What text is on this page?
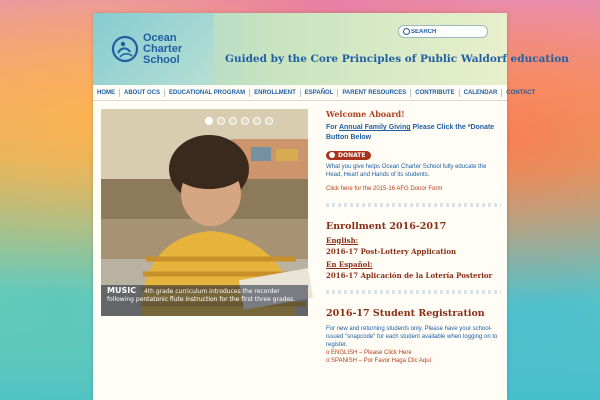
Ocean
Charter
School	Guided by the Core Principles of Public Waldorf education
SEARCH
HOME	ABOUT OCS	EDUCATIONAL PROGRAM	ENROLLMENT	ESPAÑOL	PARENT RESOURCES	CONTRIBUTE	CALENDAR	CONTACT
MUSIC 4th grade curriculum introduces the recorder following pentatonic flute instruction for the first three grades.

Welcome Aboard!

For Annual Family Giving Please Click the *Donate Button Below

DONATE

What you give helps Ocean Charter School fully educate the Head, Heart and Hands of its students.

Click here for the 2015-16 AFG Donor Form

Enrollment 2016-2017

English:

2016-17 Post-Lottery Application

En Español:

2016-17 Aplicación de la Lotería Posterior

2016-17 Student Registration

For new and returning students only. Please have your school-issued "snapcode" for each student available when logging on to register.

o ENGLISH – Please Click Here

o SPANISH – Por Favor Haga Clic Aquí
